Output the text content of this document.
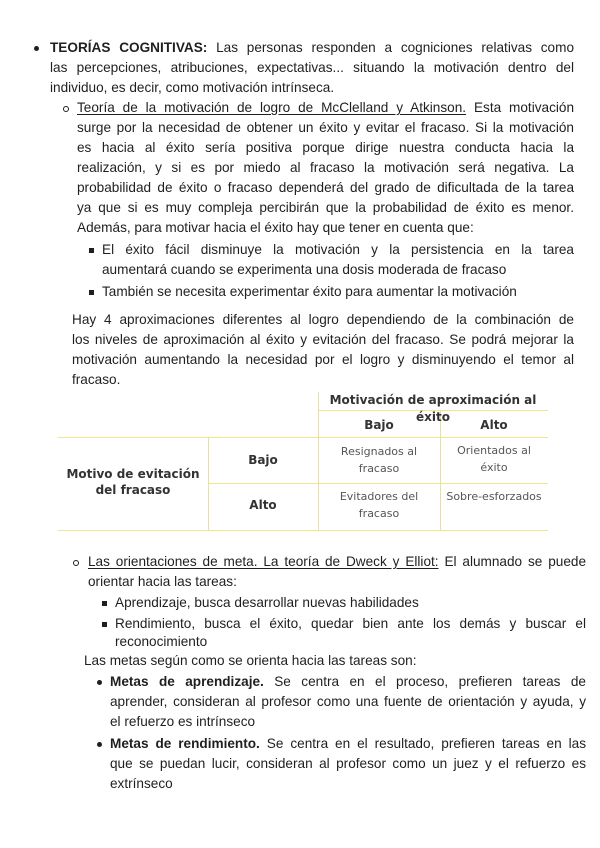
TEORÍAS COGNITIVAS: Las personas responden a cogniciones relativas como
las percepciones, atribuciones, expectativas... situando la motivación dentro del
individuo, es decir, como motivación intrínseca.
Teoría de la motivación de logro de McClelland y Atkinson. Esta motivación
surge por la necesidad de obtener un éxito y evitar el fracaso. Si la motivación
es hacia al éxito sería positiva porque dirige nuestra conducta hacia la
realización, y si es por miedo al fracaso la motivación será negativa. La
probabilidad de éxito o fracaso dependerá del grado de dificultada de la tarea
ya que si es muy compleja percibirán que la probabilidad de éxito es menor.
Además, para motivar hacia el éxito hay que tener en cuenta que:
El éxito fácil disminuye la motivación y la persistencia en la tarea
aumentará cuando se experimenta una dosis moderada de fracaso
También se necesita experimentar éxito para aumentar la motivación
Hay 4 aproximaciones diferentes al logro dependiendo de la combinación de
los niveles de aproximación al éxito y evitación del fracaso. Se podrá mejorar la
motivación aumentando la necesidad por el logro y disminuyendo el temor al
fracaso.
Motivación de aproximación al éxito
Bajo	Alto
Motivo de evitación
del fracaso
Bajo
Alto
Resignados al
fracaso
Orientados al
éxito
Evitadores del
fracaso
Sobre-esforzados
Las orientaciones de meta. La teoría de Dweck y Elliot: El alumnado se puede
orientar hacia las tareas:
Aprendizaje, busca desarrollar nuevas habilidades
Rendimiento, busca el éxito, quedar bien ante los demás y buscar el
reconocimiento
Las metas según como se orienta hacia las tareas son:
Metas de aprendizaje. Se centra en el proceso, prefieren tareas de
aprender, consideran al profesor como una fuente de orientación y ayuda, y
el refuerzo es intrínseco
Metas de rendimiento. Se centra en el resultado, prefieren tareas en las
que se puedan lucir, consideran al profesor como un juez y el refuerzo es
extrínseco
